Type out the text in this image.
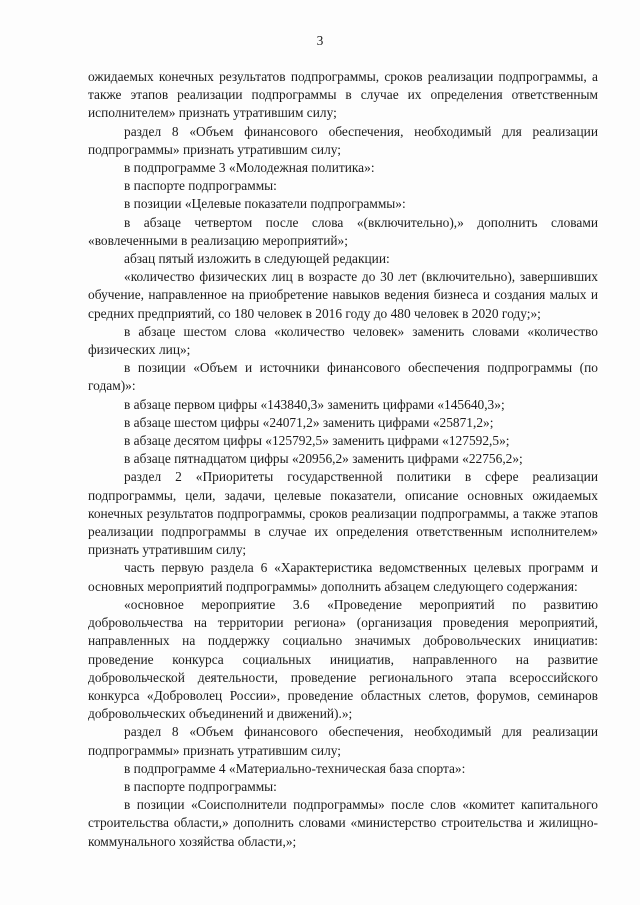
3

ожидаемых конечных результатов подпрограммы, сроков реализации подпрограммы, а также этапов реализации подпрограммы в случае их определения ответственным исполнителем» признать утратившим силу;

раздел 8 «Объем финансового обеспечения, необходимый для реализации подпрограммы» признать утратившим силу;

в подпрограмме 3 «Молодежная политика»:

в паспорте подпрограммы:

в позиции «Целевые показатели подпрограммы»:

в абзаце четвертом после слова «(включительно),» дополнить словами «вовлеченными в реализацию мероприятий»;

абзац пятый изложить в следующей редакции:

«количество физических лиц в возрасте до 30 лет (включительно), завершивших обучение, направленное на приобретение навыков ведения бизнеса и создания малых и средних предприятий, со 180 человек в 2016 году до 480 человек в 2020 году;»;

в абзаце шестом слова «количество человек» заменить словами «количество физических лиц»;

в позиции «Объем и источники финансового обеспечения подпрограммы (по годам)»:

в абзаце первом цифры «143840,3» заменить цифрами «145640,3»;

в абзаце шестом цифры «24071,2» заменить цифрами «25871,2»;

в абзаце десятом цифры «125792,5» заменить цифрами «127592,5»;

в абзаце пятнадцатом цифры «20956,2» заменить цифрами «22756,2»;

раздел 2 «Приоритеты государственной политики в сфере реализации подпрограммы, цели, задачи, целевые показатели, описание основных ожидаемых конечных результатов подпрограммы, сроков реализации подпрограммы, а также этапов реализации подпрограммы в случае их определения ответственным исполнителем» признать утратившим силу;

часть первую раздела 6 «Характеристика ведомственных целевых программ и основных мероприятий подпрограммы» дополнить абзацем следующего содержания:

«основное мероприятие 3.6 «Проведение мероприятий по развитию добровольчества на территории региона» (организация проведения мероприятий, направленных на поддержку социально значимых добровольческих инициатив: проведение конкурса социальных инициатив, направленного на развитие добровольческой деятельности, проведение регионального этапа всероссийского конкурса «Доброволец России», проведение областных слетов, форумов, семинаров добровольческих объединений и движений).»;

раздел 8 «Объем финансового обеспечения, необходимый для реализации подпрограммы» признать утратившим силу;

в подпрограмме 4 «Материально-техническая база спорта»:

в паспорте подпрограммы:

в позиции «Соисполнители подпрограммы» после слов «комитет капитального строительства области,» дополнить словами «министерство строительства и жилищно-коммунального хозяйства области,»;
